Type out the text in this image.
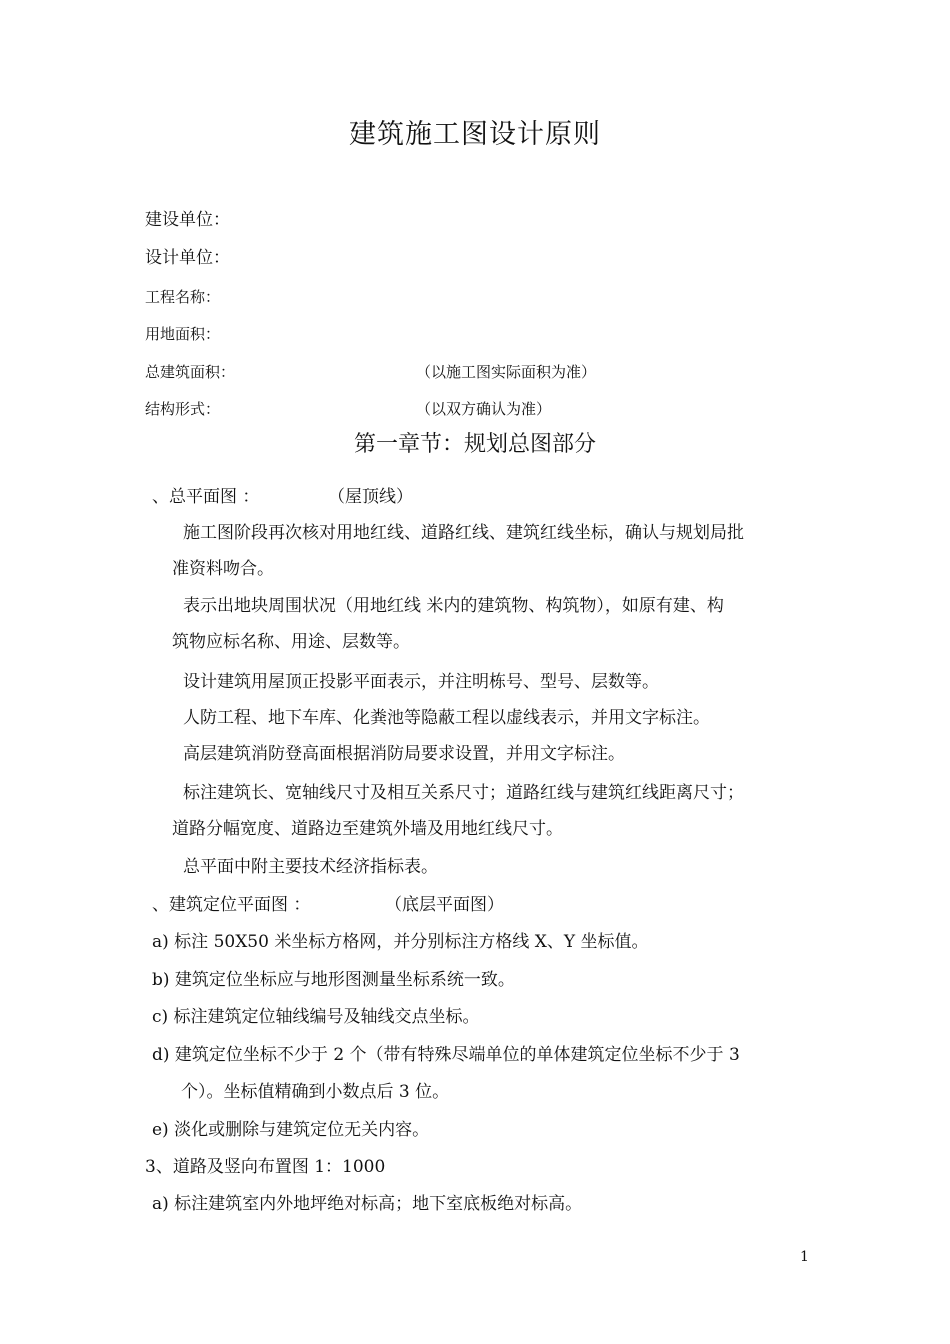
建筑施工图设计原则
建设单位：
设计单位：
工程名称：
用地面积：
总建筑面积：	（以施工图实际面积为准）
结构形式：	（以双方确认为准）
第一章节：规划总图部分
、总平面图 ：	（屋顶线）
施工图阶段再次核对用地红线、道路红线、建筑红线坐标，确认与规划局批
准资料吻合。
表示出地块周围状况（用地红线 米内的建筑物、构筑物），如原有建、构
筑物应标名称、用途、层数等。
设计建筑用屋顶正投影平面表示，并注明栋号、型号、层数等。
人防工程、地下车库、化粪池等隐蔽工程以虚线表示，并用文字标注。
高层建筑消防登高面根据消防局要求设置，并用文字标注。
标注建筑长、宽轴线尺寸及相互关系尺寸；道路红线与建筑红线距离尺寸；
道路分幅宽度、道路边至建筑外墙及用地红线尺寸。
总平面中附主要技术经济指标表。
、建筑定位平面图 ：	（底层平面图）
a) 标注 50X50 米坐标方格网，并分别标注方格线 X、Y 坐标值。
b) 建筑定位坐标应与地形图测量坐标系统一致。
c) 标注建筑定位轴线编号及轴线交点坐标。
d) 建筑定位坐标不少于 2 个（带有特殊尽端单位的单体建筑定位坐标不少于 3
个）。坐标值精确到小数点后 3 位。
e) 淡化或删除与建筑定位无关内容。
3、道路及竖向布置图 1：1000
a) 标注建筑室内外地坪绝对标高；地下室底板绝对标高。
1
